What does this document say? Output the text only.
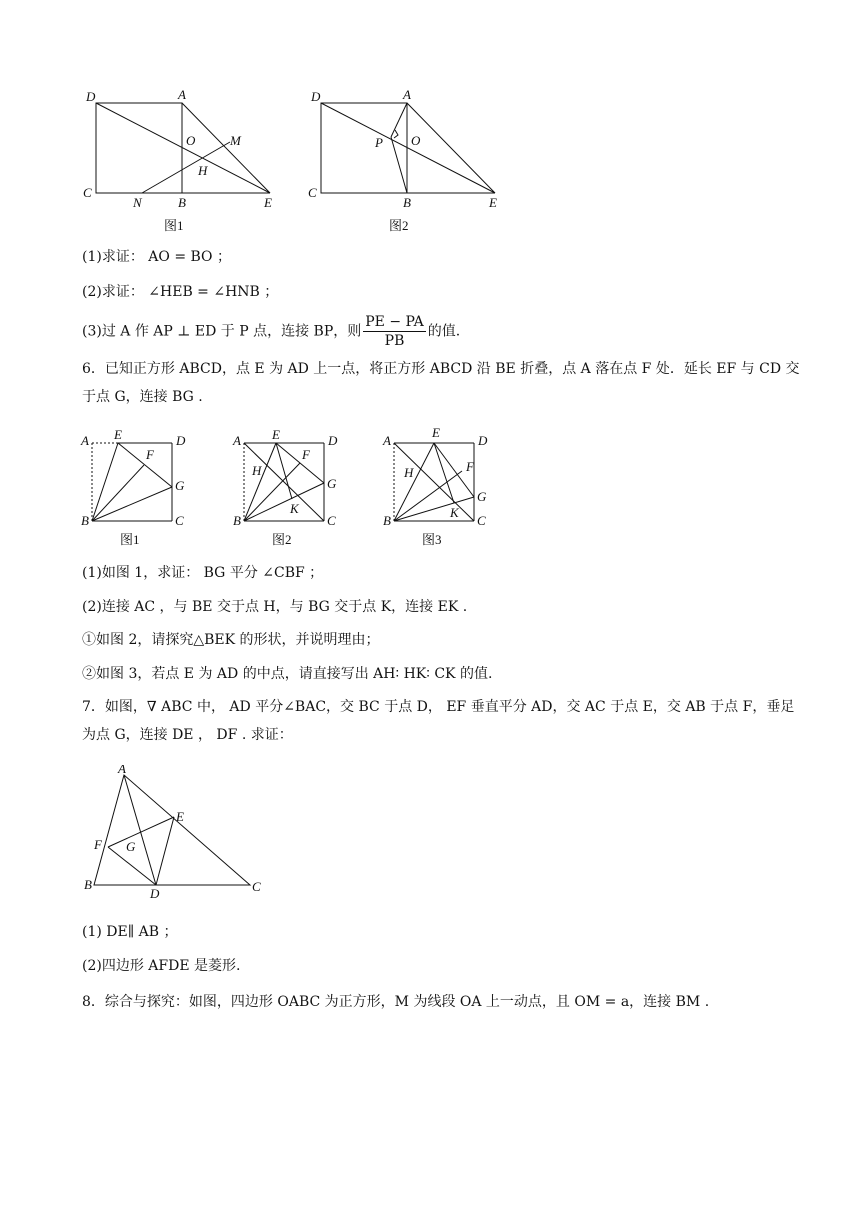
D	A
O	M
H
C
N	B	E
图1
D	A
P O
C
B	E
图2
(1)求证： AO = BO ；
(2)求证： ∠HEB = ∠HNB ；
(3)过 A 作 AP ⊥ ED 于 P 点，连接 BP，则 $\frac{PE - PA}{PB}$ 的值.
6．已知正方形 ABCD，点 E 为 AD 上一点，将正方形 ABCD 沿 BE 折叠，点 A 落在点 F 处．延长 EF 与 CD 交于点 G，连接 BG .
A E	D
F
G
B	C
图1
A E	D
H
F
G
K
B	C
图2
A
E
D
H	F
G
K
B	C
图3
(1)如图 1，求证： BG 平分 ∠CBF ；
(2)连接 AC ，与 BE 交于点 H，与 BG 交于点 K，连接 EK .
①如图 2，请探究△BEK 的形状，并说明理由；
②如图 3，若点 E 为 AD 的中点，请直接写出 AH∶ HK∶ CK 的值.
7．如图，∇ ABC 中， AD 平分∠BAC，交 BC 于点 D， EF 垂直平分 AD，交 AC 于点 E，交 AB 于点 F，垂足为点 G，连接 DE ， DF . 求证：
A
E
F G
B
D	C
(1) DE∥ AB ；
(2)四边形 AFDE 是菱形.
8．综合与探究：如图，四边形 OABC 为正方形，M 为线段 OA 上一动点，且 OM = a，连接 BM .
